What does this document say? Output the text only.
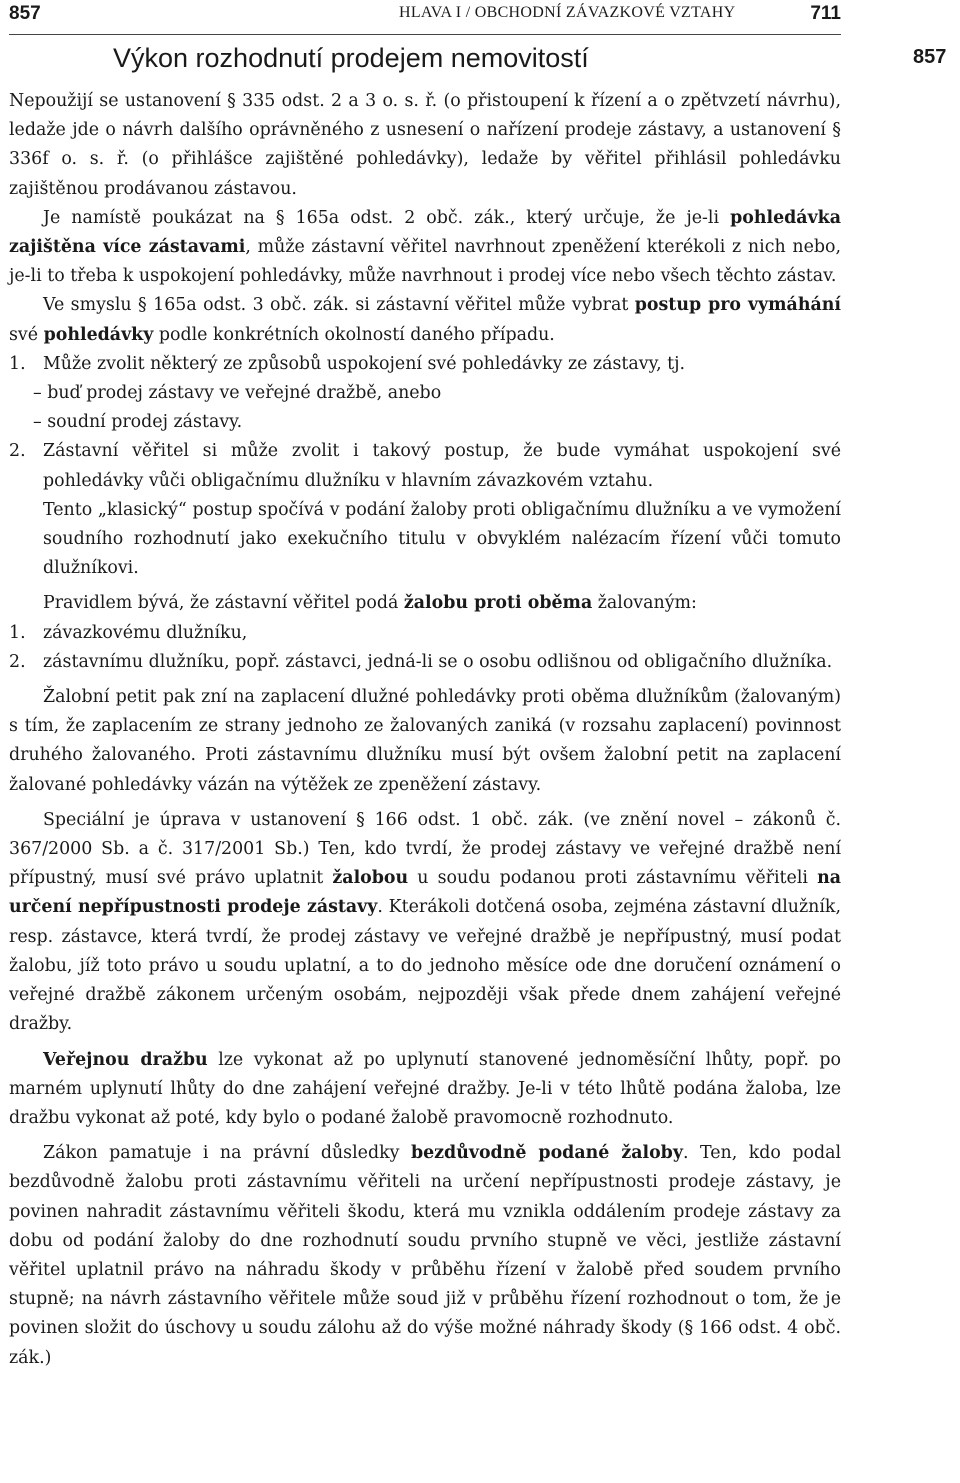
857
857	HLAVA I / OBCHODNÍ ZÁVAZKOVÉ VZTAHY	711
Výkon rozhodnutí prodejem nemovitostí

Nepoužijí se ustanovení § 335 odst. 2 a 3 o. s. ř. (o přistoupení k řízení a o zpětvzetí návrhu), ledaže jde o návrh dalšího oprávněného z usnesení o nařízení prodeje zástavy, a ustanovení § 336f o. s. ř. (o přihlášce zajištěné pohledávky), ledaže by věřitel přihlásil pohledávku zajištěnou prodávanou zástavou.

Je namístě poukázat na § 165a odst. 2 obč. zák., který určuje, že je-li pohledávka zajištěna více zástavami, může zástavní věřitel navrhnout zpeněžení kterékoli z nich nebo, je-li to třeba k uspokojení pohledávky, může navrhnout i prodej více nebo všech těchto zástav.

Ve smyslu § 165a odst. 3 obč. zák. si zástavní věřitel může vybrat postup pro vymáhání své pohledávky podle konkrétních okolností daného případu.

1. Může zvolit některý ze způsobů uspokojení své pohledávky ze zástavy, tj.

– buď prodej zástavy ve veřejné dražbě, anebo

– soudní prodej zástavy.

2. Zástavní věřitel si může zvolit i takový postup, že bude vymáhat uspokojení své pohledávky vůči obligačnímu dlužníku v hlavním závazkovém vztahu.

Tento „klasický“ postup spočívá v podání žaloby proti obligačnímu dlužníku a ve vymožení soudního rozhodnutí jako exekučního titulu v obvyklém nalézacím řízení vůči tomuto dlužníkovi.

Pravidlem bývá, že zástavní věřitel podá žalobu proti oběma žalovaným:

1. závazkovému dlužníku,

2. zástavnímu dlužníku, popř. zástavci, jedná-li se o osobu odlišnou od obligačního dlužníka.

Žalobní petit pak zní na zaplacení dlužné pohledávky proti oběma dlužníkům (žalovaným) s tím, že zaplacením ze strany jednoho ze žalovaných zaniká (v rozsahu zaplacení) povinnost druhého žalovaného. Proti zástavnímu dlužníku musí být ovšem žalobní petit na zaplacení žalované pohledávky vázán na výtěžek ze zpeněžení zástavy.

Speciální je úprava v ustanovení § 166 odst. 1 obč. zák. (ve znění novel – zákonů č. 367/2000 Sb. a č. 317/2001 Sb.) Ten, kdo tvrdí, že prodej zástavy ve veřejné dražbě není přípustný, musí své právo uplatnit žalobou u soudu podanou proti zástavnímu věřiteli na určení nepřípustnosti prodeje zástavy. Kterákoli dotčená osoba, zejména zástavní dlužník, resp. zástavce, která tvrdí, že prodej zástavy ve veřejné dražbě je nepřípustný, musí podat žalobu, jíž toto právo u soudu uplatní, a to do jednoho měsíce ode dne doručení oznámení o veřejné dražbě zákonem určeným osobám, nejpozději však přede dnem zahájení veřejné dražby.

Veřejnou dražbu lze vykonat až po uplynutí stanovené jednoměsíční lhůty, popř. po marném uplynutí lhůty do dne zahájení veřejné dražby. Je-li v této lhůtě podána žaloba, lze dražbu vykonat až poté, kdy bylo o podané žalobě pravomocně rozhodnuto.

Zákon pamatuje i na právní důsledky bezdůvodně podané žaloby. Ten, kdo podal bezdůvodně žalobu proti zástavnímu věřiteli na určení nepřípustnosti prodeje zástavy, je povinen nahradit zástavnímu věřiteli škodu, která mu vznikla oddálením prodeje zástavy za dobu od podání žaloby do dne rozhodnutí soudu prvního stupně ve věci, jestliže zástavní věřitel uplatnil právo na náhradu škody v průběhu řízení v žalobě před soudem prvního stupně; na návrh zástavního věřitele může soud již v průběhu řízení rozhodnout o tom, že je povinen složit do úschovy u soudu zálohu až do výše možné náhrady škody (§ 166 odst. 4 obč. zák.)
